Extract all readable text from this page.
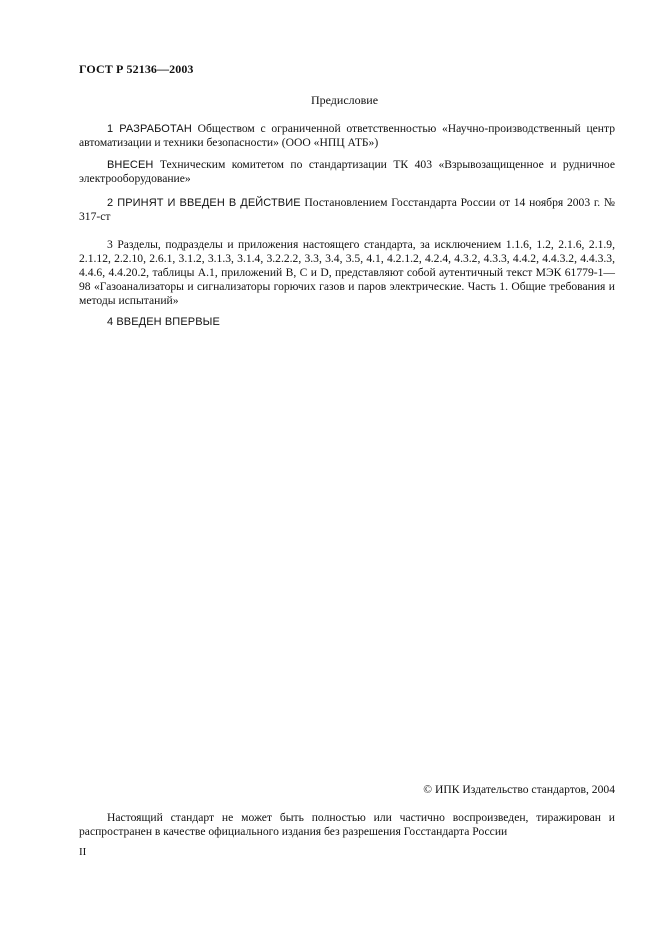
ГОСТ Р 52136—2003
Предисловие

1 РАЗРАБОТАН Обществом с ограниченной ответственностью «Научно-производственный центр автоматизации и техники безопасности» (ООО «НПЦ АТБ»)

ВНЕСЕН Техническим комитетом по стандартизации ТК 403 «Взрывозащищенное и рудничное электрооборудование»

2 ПРИНЯТ И ВВЕДЕН В ДЕЙСТВИЕ Постановлением Госстандарта России от 14 ноября 2003 г. № 317-ст

3 Разделы, подразделы и приложения настоящего стандарта, за исключением 1.1.6, 1.2, 2.1.6, 2.1.9, 2.1.12, 2.2.10, 2.6.1, 3.1.2, 3.1.3, 3.1.4, 3.2.2.2, 3.3, 3.4, 3.5, 4.1, 4.2.1.2, 4.2.4, 4.3.2, 4.3.3, 4.4.2, 4.4.3.2, 4.4.3.3, 4.4.6, 4.4.20.2, таблицы А.1, приложений В, С и D, представляют собой аутентичный текст МЭК 61779-1—98 «Газоанализаторы и сигнализаторы горючих газов и паров электрические. Часть 1. Общие требования и методы испытаний»

4 ВВЕДЕН ВПЕРВЫЕ

© ИПК Издательство стандартов, 2004

Настоящий стандарт не может быть полностью или частично воспроизведен, тиражирован и распространен в качестве официального издания без разрешения Госстандарта России

II
